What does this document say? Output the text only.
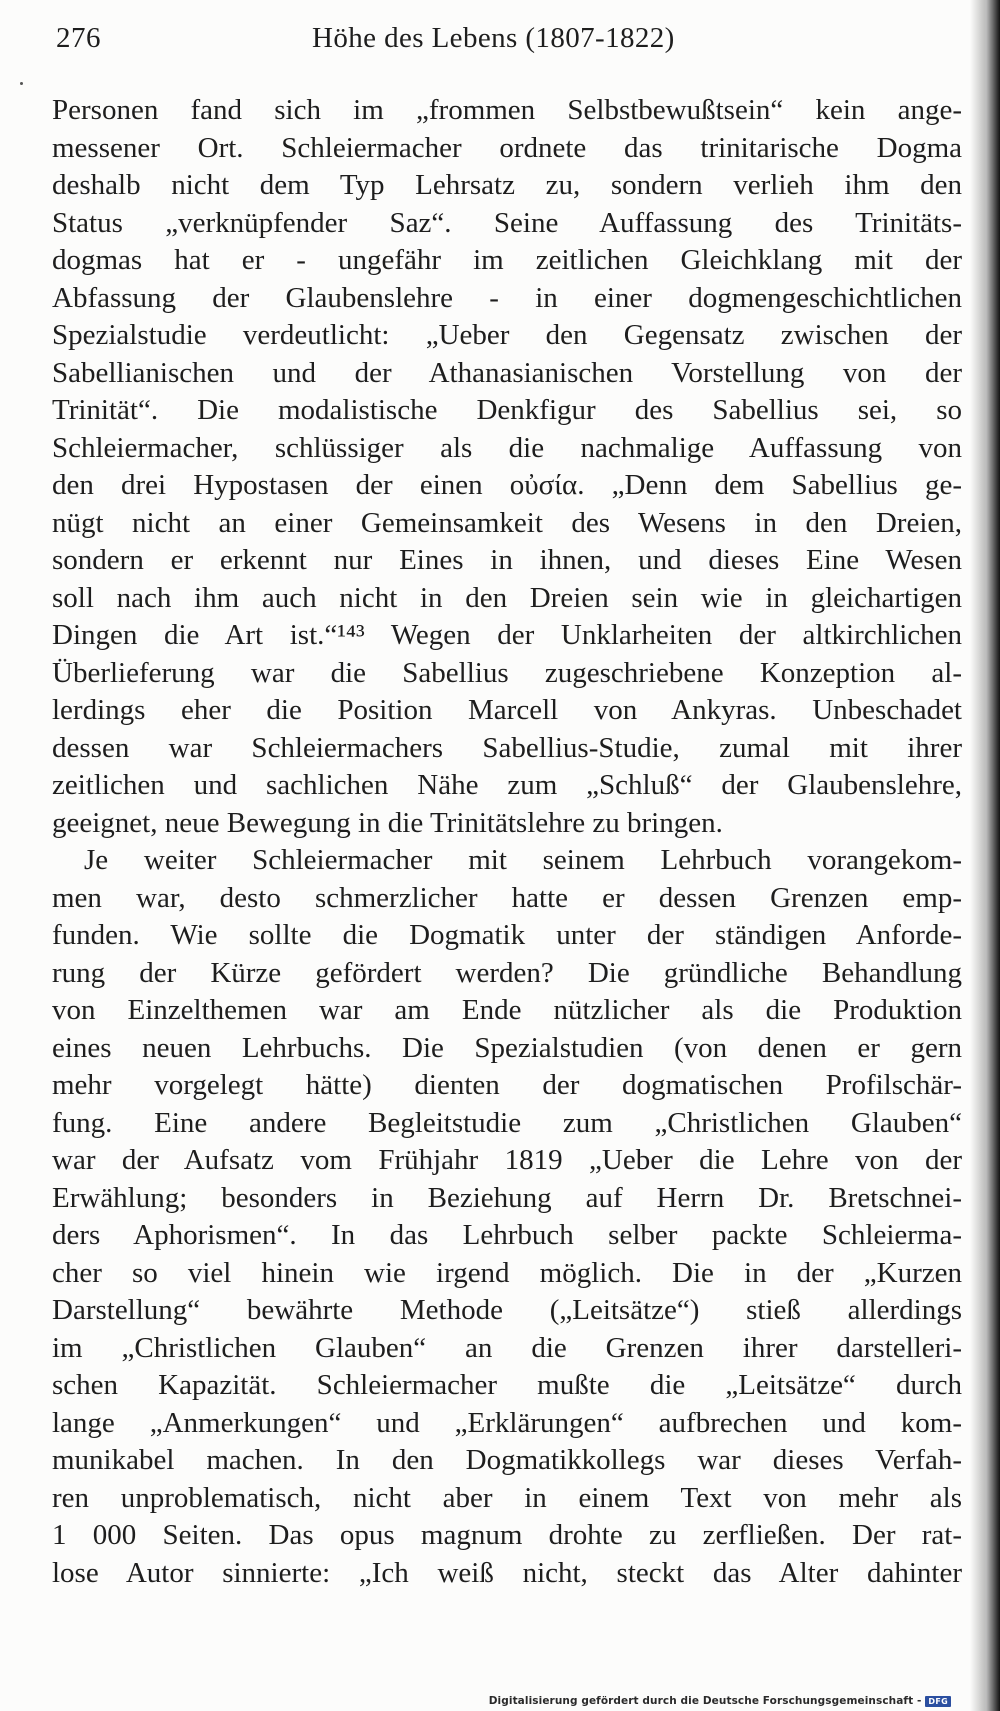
276	Höhe des Lebens (1807-1822)
Personen fand sich im „frommen Selbstbewußtsein“ kein ange-
messener Ort. Schleiermacher ordnete das trinitarische Dogma
deshalb nicht dem Typ Lehrsatz zu, sondern verlieh ihm den
Status „verknüpfender Saz“. Seine Auffassung des Trinitäts-
dogmas hat er - ungefähr im zeitlichen Gleichklang mit der
Abfassung der Glaubenslehre - in einer dogmengeschichtlichen
Spezialstudie verdeutlicht: „Ueber den Gegensatz zwischen der
Sabellianischen und der Athanasianischen Vorstellung von der
Trinität“. Die modalistische Denkfigur des Sabellius sei, so
Schleiermacher, schlüssiger als die nachmalige Auffassung von
den drei Hypostasen der einen οὐσία. „Denn dem Sabellius ge-
nügt nicht an einer Gemeinsamkeit des Wesens in den Dreien,
sondern er erkennt nur Eines in ihnen, und dieses Eine Wesen
soll nach ihm auch nicht in den Dreien sein wie in gleichartigen
Dingen die Art ist.“¹⁴³ Wegen der Unklarheiten der altkirchlichen
Überlieferung war die Sabellius zugeschriebene Konzeption al-
lerdings eher die Position Marcell von Ankyras. Unbeschadet
dessen war Schleiermachers Sabellius-Studie, zumal mit ihrer
zeitlichen und sachlichen Nähe zum „Schluß“ der Glaubenslehre,
geeignet, neue Bewegung in die Trinitätslehre zu bringen.
Je weiter Schleiermacher mit seinem Lehrbuch vorangekom-
men war, desto schmerzlicher hatte er dessen Grenzen emp-
funden. Wie sollte die Dogmatik unter der ständigen Anforde-
rung der Kürze gefördert werden? Die gründliche Behandlung
von Einzelthemen war am Ende nützlicher als die Produktion
eines neuen Lehrbuchs. Die Spezialstudien (von denen er gern
mehr vorgelegt hätte) dienten der dogmatischen Profilschär-
fung. Eine andere Begleitstudie zum „Christlichen Glauben“
war der Aufsatz vom Frühjahr 1819 „Ueber die Lehre von der
Erwählung; besonders in Beziehung auf Herrn Dr. Bretschnei-
ders Aphorismen“. In das Lehrbuch selber packte Schleierma-
cher so viel hinein wie irgend möglich. Die in der „Kurzen
Darstellung“ bewährte Methode („Leitsätze“) stieß allerdings
im „Christlichen Glauben“ an die Grenzen ihrer darstelleri-
schen Kapazität. Schleiermacher mußte die „Leitsätze“ durch
lange „Anmerkungen“ und „Erklärungen“ aufbrechen und kom-
munikabel machen. In den Dogmatikkollegs war dieses Verfah-
ren unproblematisch, nicht aber in einem Text von mehr als
1 000 Seiten. Das opus magnum drohte zu zerfließen. Der rat-
lose Autor sinnierte: „Ich weiß nicht, steckt das Alter dahinter
Digitalisierung gefördert durch die Deutsche Forschungsgemeinschaft - DFG
